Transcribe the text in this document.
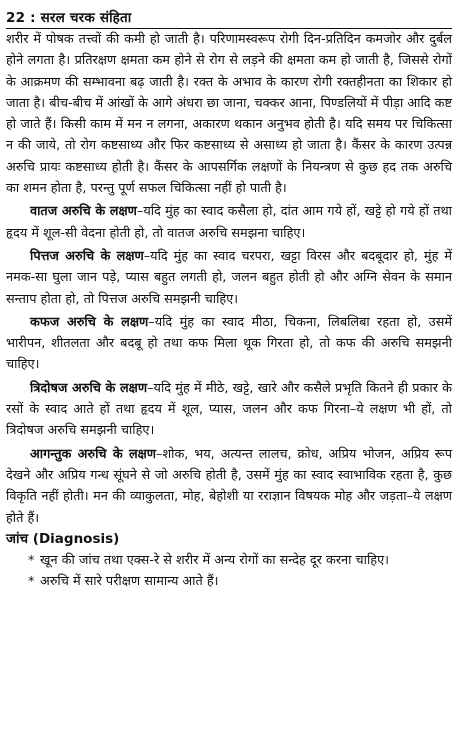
22 : सरल चरक संहिता

शरीर में पोषक तत्त्वों की कमी हो जाती है। परिणामस्वरूप रोगी दिन-प्रतिदिन कमजोर और दुर्बल होने लगता है। प्रतिरक्षण क्षमता कम होने से रोग से लड़ने की क्षमता कम हो जाती है, जिससे रोगों के आक्रमण की सम्भावना बढ़ जाती है। रक्त के अभाव के कारण रोगी रक्तहीनता का शिकार हो जाता है। बीच-बीच में आंखों के आगे अंधरा छा जाना, चक्कर आना, पिण्डलियों में पीड़ा आदि कष्ट हो जाते हैं। किसी काम में मन न लगना, अकारण थकान अनुभव होती है। यदि समय पर चिकित्सा न की जाये, तो रोग कष्टसाध्य और फिर कष्टसाध्य से असाध्य हो जाता है। कैंसर के कारण उत्पन्न अरुचि प्रायः कष्टसाध्य होती है। कैंसर के आपसर्गिक लक्षणों के नियन्त्रण से कुछ हद तक अरुचि का शमन होता है, परन्तु पूर्ण सफल चिकित्सा नहीं हो पाती है।

वातज अरुचि के लक्षण–यदि मुंह का स्वाद कसैला हो, दांत आम गये हों, खट्टे हो गये हों तथा हृदय में शूल-सी वेदना होती हो, तो वातज अरुचि समझना चाहिए।

पित्तज अरुचि के लक्षण–यदि मुंह का स्वाद चरपरा, खट्टा विरस और बदबूदार हो, मुंह में नमक-सा घुला जान पड़े, प्यास बहुत लगती हो, जलन बहुत होती हो और अग्नि सेवन के समान सन्ताप होता हो, तो पित्तज अरुचि समझनी चाहिए।

कफज अरुचि के लक्षण–यदि मुंह का स्वाद मीठा, चिकना, लिबलिबा रहता हो, उसमें भारीपन, शीतलता और बदबू हो तथा कफ मिला थूक गिरता हो, तो कफ की अरुचि समझनी चाहिए।

त्रिदोषज अरुचि के लक्षण–यदि मुंह में मीठे, खट्टे, खारे और कसैले प्रभृति कितने ही प्रकार के रसों के स्वाद आते हों तथा हृदय में शूल, प्यास, जलन और कफ गिरना–ये लक्षण भी हों, तो त्रिदोषज अरुचि समझनी चाहिए।

आगन्तुक अरुचि के लक्षण–शोक, भय, अत्यन्त लालच, क्रोध, अप्रिय भोजन, अप्रिय रूप देखने और अप्रिय गन्ध सूंघने से जो अरुचि होती है, उसमें मुंह का स्वाद स्वाभाविक रहता है, कुछ विकृति नहीं होती। मन की व्याकुलता, मोह, बेहोशी या रराज्ञान विषयक मोह और जड़ता–ये लक्षण होते हैं।

जांच (Diagnosis)

* खून की जांच तथा एक्स-रे से शरीर में अन्य रोगों का सन्देह दूर करना चाहिए।

* अरुचि में सारे परीक्षण सामान्य आते हैं।
